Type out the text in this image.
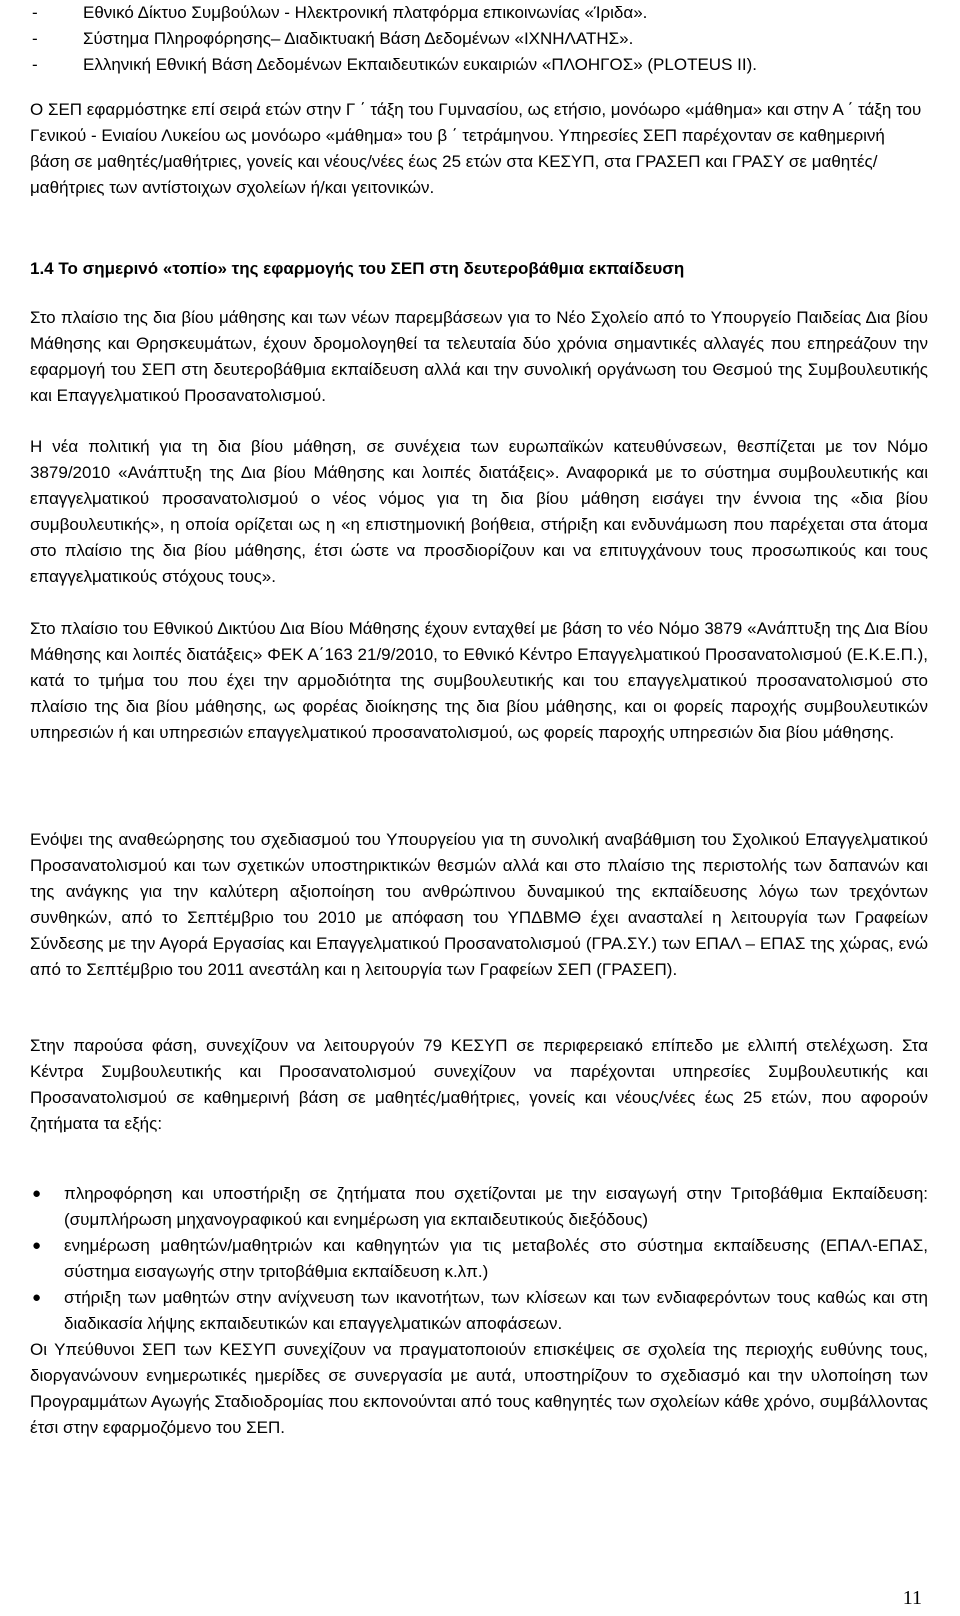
-	Εθνικό Δίκτυο Συμβούλων - Ηλεκτρονική πλατφόρμα επικοινωνίας «Ίριδα».
-	Σύστημα Πληροφόρησης– Διαδικτυακή Βάση Δεδομένων «ΙΧΝΗΛΑΤΗΣ».
-	Ελληνική Εθνική Βάση Δεδομένων Εκπαιδευτικών ευκαιριών «ΠΛΟΗΓΟΣ» (PLOTEUS II).

Ο ΣΕΠ εφαρμόστηκε επί σειρά ετών στην Γ ΄ τάξη του Γυμνασίου, ως ετήσιο, μονόωρο «μάθημα» και στην Α ΄ τάξη του Γενικού - Ενιαίου Λυκείου ως μονόωρο «μάθημα» του β ΄ τετράμηνου. Υπηρεσίες ΣΕΠ παρέχονταν σε καθημερινή βάση σε μαθητές/μαθήτριες, γονείς και νέους/νέες έως 25 ετών στα ΚΕΣΥΠ, στα ΓΡΑΣΕΠ και ΓΡΑΣΥ σε μαθητές/μαθήτριες των αντίστοιχων σχολείων ή/και γειτονικών.

1.4 Το σημερινό «τοπίο» της εφαρμογής του ΣΕΠ στη δευτεροβάθμια εκπαίδευση

Στο πλαίσιο της δια βίου μάθησης και των νέων παρεμβάσεων για το Νέο Σχολείο από το Υπουργείο Παιδείας Δια βίου Μάθησης και Θρησκευμάτων, έχουν δρομολογηθεί τα τελευταία δύο χρόνια σημαντικές αλλαγές που επηρεάζουν την εφαρμογή του ΣΕΠ στη δευτεροβάθμια εκπαίδευση αλλά και την συνολική οργάνωση του Θεσμού της Συμβουλευτικής και Επαγγελματικού Προσανατολισμού.

Η νέα πολιτική για τη δια βίου μάθηση, σε συνέχεια των ευρωπαϊκών κατευθύνσεων, θεσπίζεται με τον Νόμο 3879/2010 «Ανάπτυξη της Δια βίου Μάθησης και λοιπές διατάξεις». Αναφορικά με το σύστημα συμβουλευτικής και επαγγελματικού προσανατολισμού ο νέος νόμος για τη δια βίου μάθηση εισάγει την έννοια της «δια βίου συμβουλευτικής», η οποία ορίζεται ως η «η επιστημονική βοήθεια, στήριξη και ενδυνάμωση που παρέχεται στα άτομα στο πλαίσιο της δια βίου μάθησης, έτσι ώστε να προσδιορίζουν και να επιτυγχάνουν τους προσωπικούς και τους επαγγελματικούς στόχους τους».

Στο πλαίσιο του Εθνικού Δικτύου Δια Βίου Μάθησης έχουν ενταχθεί με βάση το νέο Νόμο 3879 «Ανάπτυξη της Δια Βίου Μάθησης και λοιπές διατάξεις» ΦΕΚ Α΄163 21/9/2010, το Εθνικό Κέντρο Επαγγελματικού Προσανατολισμού (Ε.Κ.Ε.Π.), κατά το τμήμα του που έχει την αρμοδιότητα της συμβουλευτικής και του επαγγελματικού προσανατολισμού στο πλαίσιο της δια βίου μάθησης, ως φορέας διοίκησης της δια βίου μάθησης, και οι φορείς παροχής συμβουλευτικών υπηρεσιών ή και υπηρεσιών επαγγελματικού προσανατολισμού, ως φορείς παροχής υπηρεσιών δια βίου μάθησης.

Ενόψει της αναθεώρησης του σχεδιασμού του Υπουργείου για τη συνολική αναβάθμιση του Σχολικού Επαγγελματικού Προσανατολισμού και των σχετικών υποστηρικτικών θεσμών αλλά και στο πλαίσιο της περιστολής των δαπανών και της ανάγκης για την καλύτερη αξιοποίηση του ανθρώπινου δυναμικού της εκπαίδευσης λόγω των τρεχόντων συνθηκών, από το Σεπτέμβριο του 2010 με απόφαση του ΥΠΔΒΜΘ έχει ανασταλεί η λειτουργία των Γραφείων Σύνδεσης με την Αγορά Εργασίας και Επαγγελματικού Προσανατολισμού (ΓΡΑ.ΣΥ.) των ΕΠΑΛ – ΕΠΑΣ της χώρας, ενώ από το Σεπτέμβριο του 2011 ανεστάλη και η λειτουργία των Γραφείων ΣΕΠ (ΓΡΑΣΕΠ).

Στην παρούσα φάση, συνεχίζουν να λειτουργούν 79 ΚΕΣΥΠ σε περιφερειακό επίπεδο με ελλιπή στελέχωση. Στα Κέντρα Συμβουλευτικής και Προσανατολισμού συνεχίζουν να παρέχονται υπηρεσίες Συμβουλευτικής και Προσανατολισμού σε καθημερινή βάση σε μαθητές/μαθήτριες, γονείς και νέους/νέες έως 25 ετών, που αφορούν ζητήματα τα εξής:

● πληροφόρηση και υποστήριξη σε ζητήματα που σχετίζονται με την εισαγωγή στην Τριτοβάθμια Εκπαίδευση: (συμπλήρωση μηχανογραφικού και ενημέρωση για εκπαιδευτικούς διεξόδους)
● ενημέρωση μαθητών/μαθητριών και καθηγητών για τις μεταβολές στο σύστημα εκπαίδευσης (ΕΠΑΛ-ΕΠΑΣ, σύστημα εισαγωγής στην τριτοβάθμια εκπαίδευση κ.λπ.)
● στήριξη των μαθητών στην ανίχνευση των ικανοτήτων, των κλίσεων και των ενδιαφερόντων τους καθώς και στη διαδικασία λήψης εκπαιδευτικών και επαγγελματικών αποφάσεων.

Οι Υπεύθυνοι ΣΕΠ των ΚΕΣΥΠ συνεχίζουν να πραγματοποιούν επισκέψεις σε σχολεία της περιοχής ευθύνης τους, διοργανώνουν ενημερωτικές ημερίδες σε συνεργασία με αυτά, υποστηρίζουν το σχεδιασμό και την υλοποίηση των Προγραμμάτων Αγωγής Σταδιοδρομίας που εκπονούνται από τους καθηγητές των σχολείων κάθε χρόνο, συμβάλλοντας έτσι στην εφαρμοζόμενο του ΣΕΠ.

11
